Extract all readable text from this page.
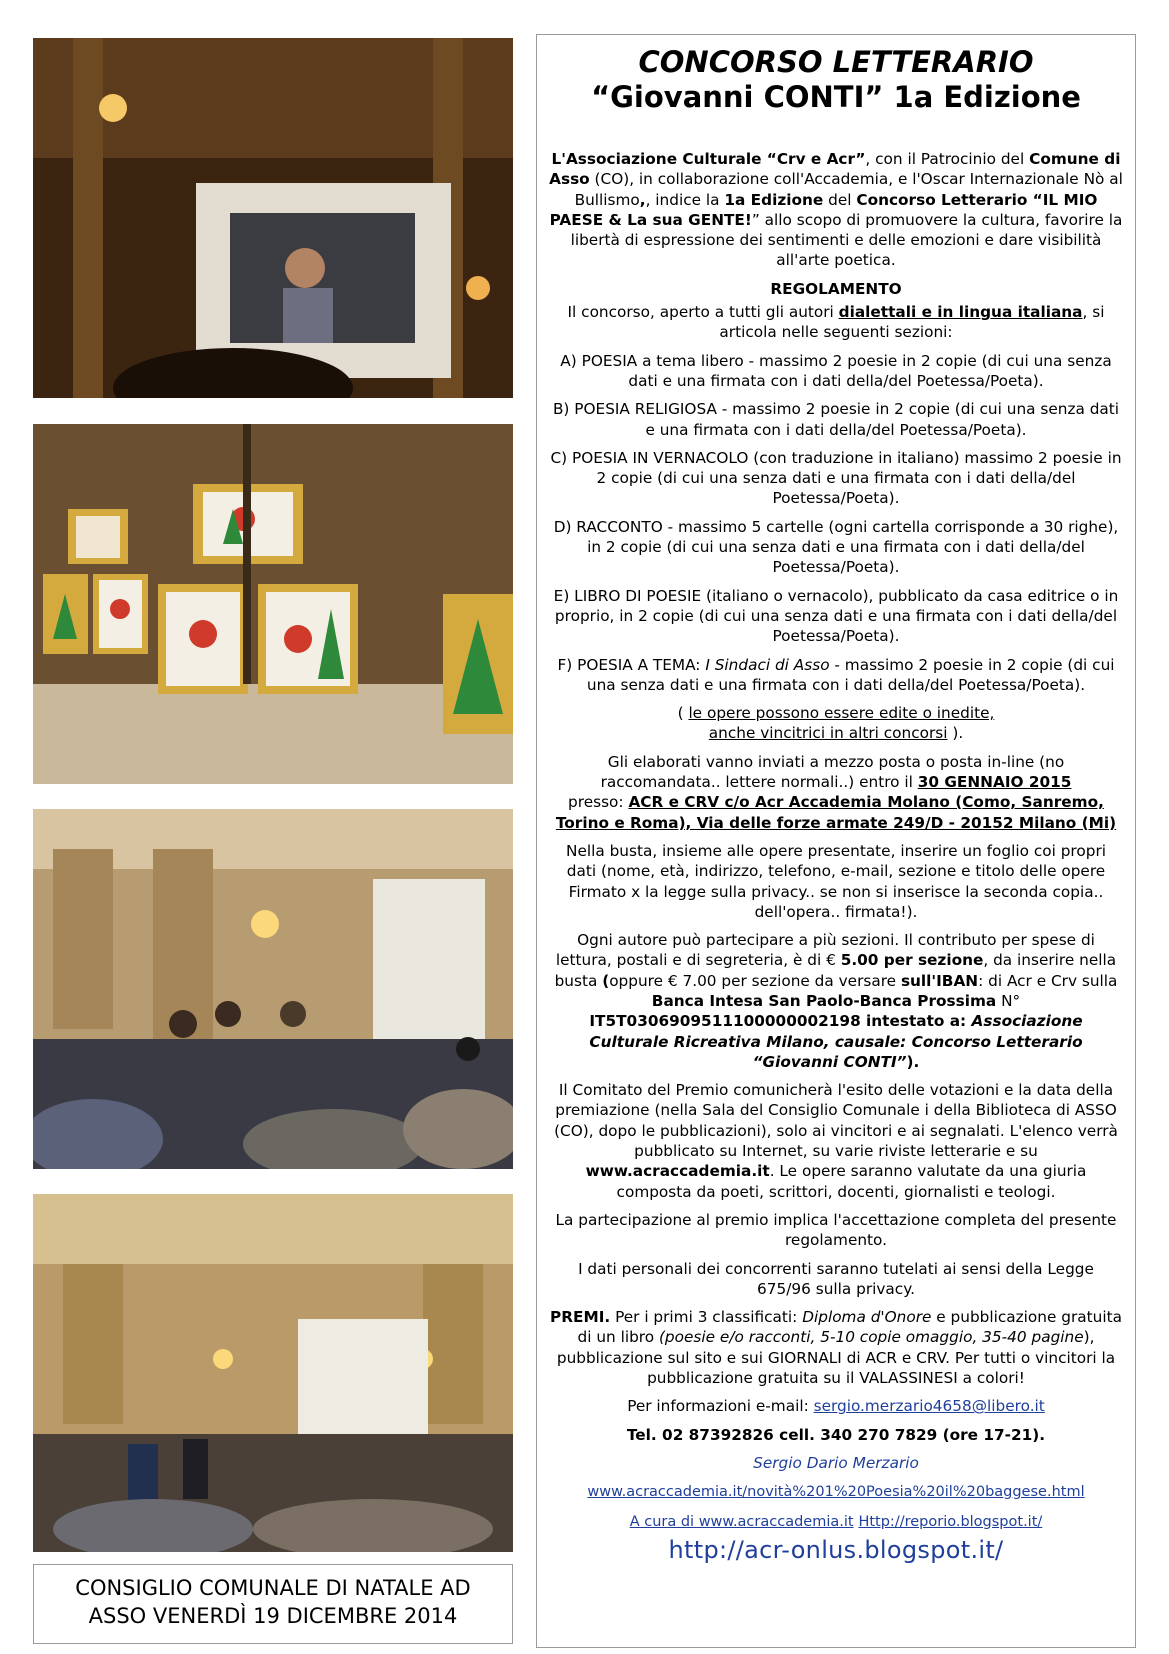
CONSIGLIO COMUNALE DI NATALE AD
ASSO VENERDÌ 19 DICEMBRE 2014
CONCORSO LETTERARIO
“Giovanni CONTI” 1a Edizione

L'Associazione Culturale “Crv e Acr”, con il Patrocinio del Comune di Asso (CO), in collaborazione coll'Accademia, e l'Oscar Internazionale Nò al Bullismo,, indice la 1a Edizione del Concorso Letterario “IL MIO PAESE & La sua GENTE!” allo scopo di promuovere la cultura, favorire la libertà di espressione dei sentimenti e delle emozioni e dare visibilità all'arte poetica.

REGOLAMENTO

Il concorso, aperto a tutti gli autori dialettali e in lingua italiana, si articola nelle seguenti sezioni:

A) POESIA a tema libero - massimo 2 poesie in 2 copie (di cui una senza dati e una firmata con i dati della/del Poetessa/Poeta).

B) POESIA RELIGIOSA - massimo 2 poesie in 2 copie (di cui una senza dati e una firmata con i dati della/del Poetessa/Poeta).

C) POESIA IN VERNACOLO (con traduzione in italiano) massimo 2 poesie in 2 copie (di cui una senza dati e una firmata con i dati della/del Poetessa/Poeta).

D) RACCONTO - massimo 5 cartelle (ogni cartella corrisponde a 30 righe), in 2 copie (di cui una senza dati e una firmata con i dati della/del Poetessa/Poeta).

E) LIBRO DI POESIE (italiano o vernacolo), pubblicato da casa editrice o in proprio, in 2 copie (di cui una senza dati e una firmata con i dati della/del Poetessa/Poeta).

F) POESIA A TEMA: I Sindaci di Asso - massimo 2 poesie in 2 copie (di cui una senza dati e una firmata con i dati della/del Poetessa/Poeta).

( le opere possono essere edite o inedite,
anche vincitrici in altri concorsi ).

Gli elaborati vanno inviati a mezzo posta o posta in-line (no raccomandata.. lettere normali..) entro il 30 GENNAIO 2015
presso: ACR e CRV c/o Acr Accademia Molano (Como, Sanremo, Torino e Roma), Via delle forze armate 249/D - 20152 Milano (Mi)

Nella busta, insieme alle opere presentate, inserire un foglio coi propri dati (nome, età, indirizzo, telefono, e-mail, sezione e titolo delle opere Firmato x la legge sulla privacy.. se non si inserisce la seconda copia.. dell'opera.. firmata!).

Ogni autore può partecipare a più sezioni. Il contributo per spese di lettura, postali e di segreteria, è di € 5.00 per sezione, da inserire nella busta (oppure € 7.00 per sezione da versare sull'IBAN: di Acr e Crv sulla Banca Intesa San Paolo-Banca Prossima N° IT5T0306909511100000002198 intestato a: Associazione Culturale Ricreativa Milano, causale: Concorso Letterario “Giovanni CONTI”).

Il Comitato del Premio comunicherà l'esito delle votazioni e la data della premiazione (nella Sala del Consiglio Comunale i della Biblioteca di ASSO (CO), dopo le pubblicazioni), solo ai vincitori e ai segnalati. L'elenco verrà pubblicato su Internet, su varie riviste letterarie e su www.acraccademia.it. Le opere saranno valutate da una giuria composta da poeti, scrittori, docenti, giornalisti e teologi.

La partecipazione al premio implica l'accettazione completa del presente regolamento.

I dati personali dei concorrenti saranno tutelati ai sensi della Legge 675/96 sulla privacy.

PREMI. Per i primi 3 classificati: Diploma d'Onore e pubblicazione gratuita di un libro (poesie e/o racconti, 5-10 copie omaggio, 35-40 pagine), pubblicazione sul sito e sui GIORNALI di ACR e CRV. Per tutti o vincitori la pubblicazione gratuita su il VALASSINESI a colori!

Per informazioni e-mail: sergio.merzario4658@libero.it

Tel. 02 87392826 cell. 340 270 7829 (ore 17-21).

Sergio Dario Merzario

www.acraccademia.it/novità%201%20Poesia%20il%20baggese.html

A cura di www.acraccademia.it Http://reporio.blogspot.it/

http://acr-onlus.blogspot.it/
